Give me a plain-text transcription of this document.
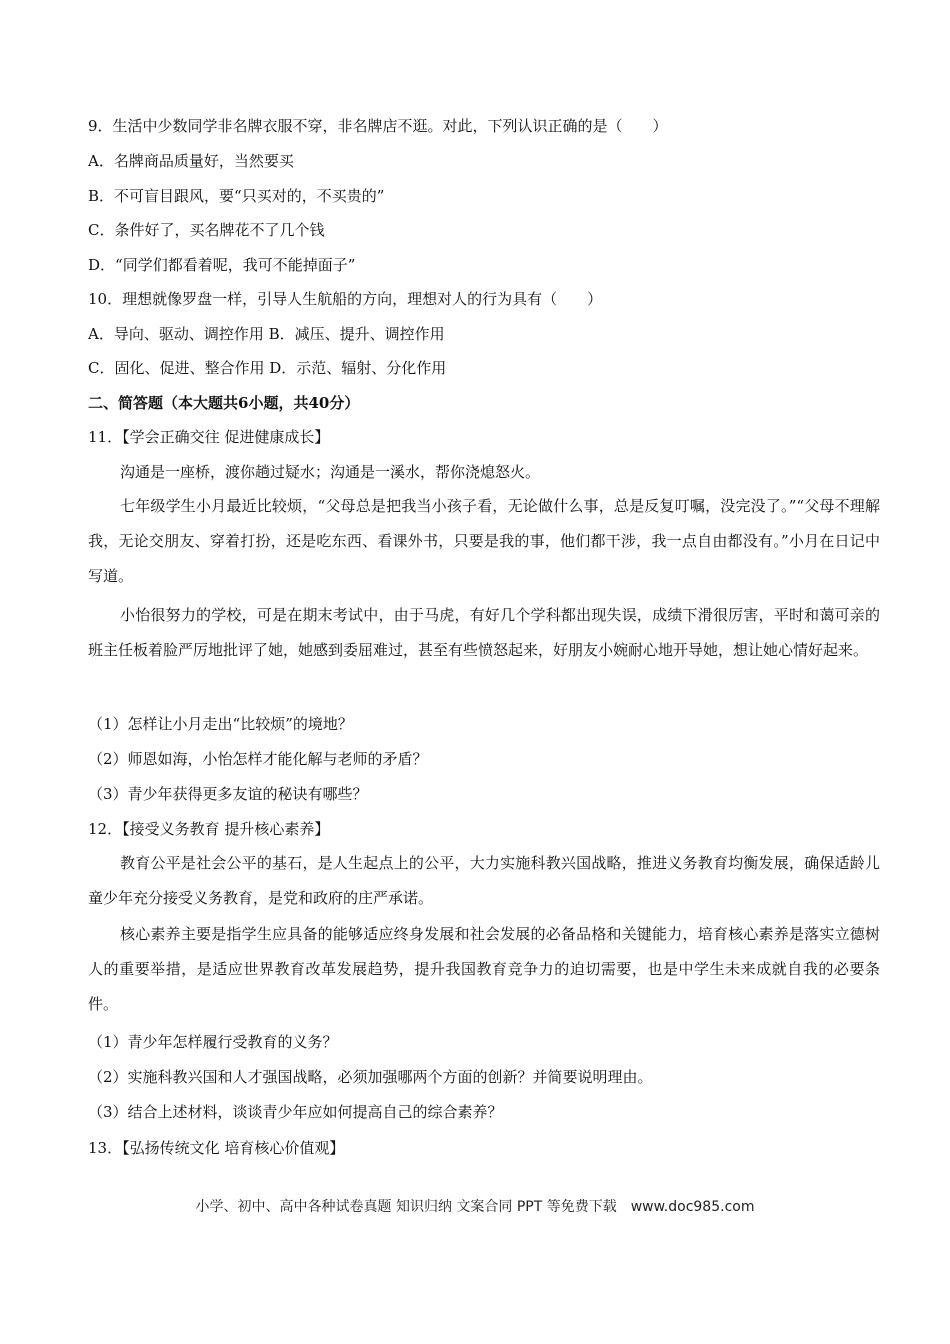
9．生活中少数同学非名牌衣服不穿，非名牌店不逛。对此，下列认识正确的是（　　）
A．名牌商品质量好，当然要买
B．不可盲目跟风，要“只买对的，不买贵的”
C．条件好了，买名牌花不了几个钱
D．“同学们都看着呢，我可不能掉面子”
10．理想就像罗盘一样，引导人生航船的方向，理想对人的行为具有（　　）
A．导向、驱动、调控作用 B．减压、提升、调控作用
C．固化、促进、整合作用 D．示范、辐射、分化作用
二、简答题（本大题共6小题，共40分）
11．【学会正确交往 促进健康成长】
沟通是一座桥，渡你趟过疑水；沟通是一溪水，帮你浇熄怒火。
七年级学生小月最近比较烦，“父母总是把我当小孩子看，无论做什么事，总是反复叮嘱，没完没了。”“父母不理解我，无论交朋友、穿着打扮，还是吃东西、看课外书，只要是我的事，他们都干涉，我一点自由都没有。”小月在日记中写道。
小怡很努力的学校，可是在期末考试中，由于马虎，有好几个学科都出现失误，成绩下滑很厉害，平时和蔼可亲的班主任板着脸严厉地批评了她，她感到委屈难过，甚至有些愤怒起来，好朋友小婉耐心地开导她，想让她心情好起来。
（1）怎样让小月走出“比较烦”的境地？
（2）师恩如海，小怡怎样才能化解与老师的矛盾？
（3）青少年获得更多友谊的秘诀有哪些？
12．【接受义务教育 提升核心素养】
教育公平是社会公平的基石，是人生起点上的公平，大力实施科教兴国战略，推进义务教育均衡发展，确保适龄儿童少年充分接受义务教育，是党和政府的庄严承诺。
核心素养主要是指学生应具备的能够适应终身发展和社会发展的必备品格和关键能力，培育核心素养是落实立德树人的重要举措，是适应世界教育改革发展趋势，提升我国教育竞争力的迫切需要，也是中学生未来成就自我的必要条件。
（1）青少年怎样履行受教育的义务？
（2）实施科教兴国和人才强国战略，必须加强哪两个方面的创新？并简要说明理由。
（3）结合上述材料，谈谈青少年应如何提高自己的综合素养？
13．【弘扬传统文化 培育核心价值观】
小学、初中、高中各种试卷真题 知识归纳 文案合同 PPT 等免费下载　www.doc985.com
